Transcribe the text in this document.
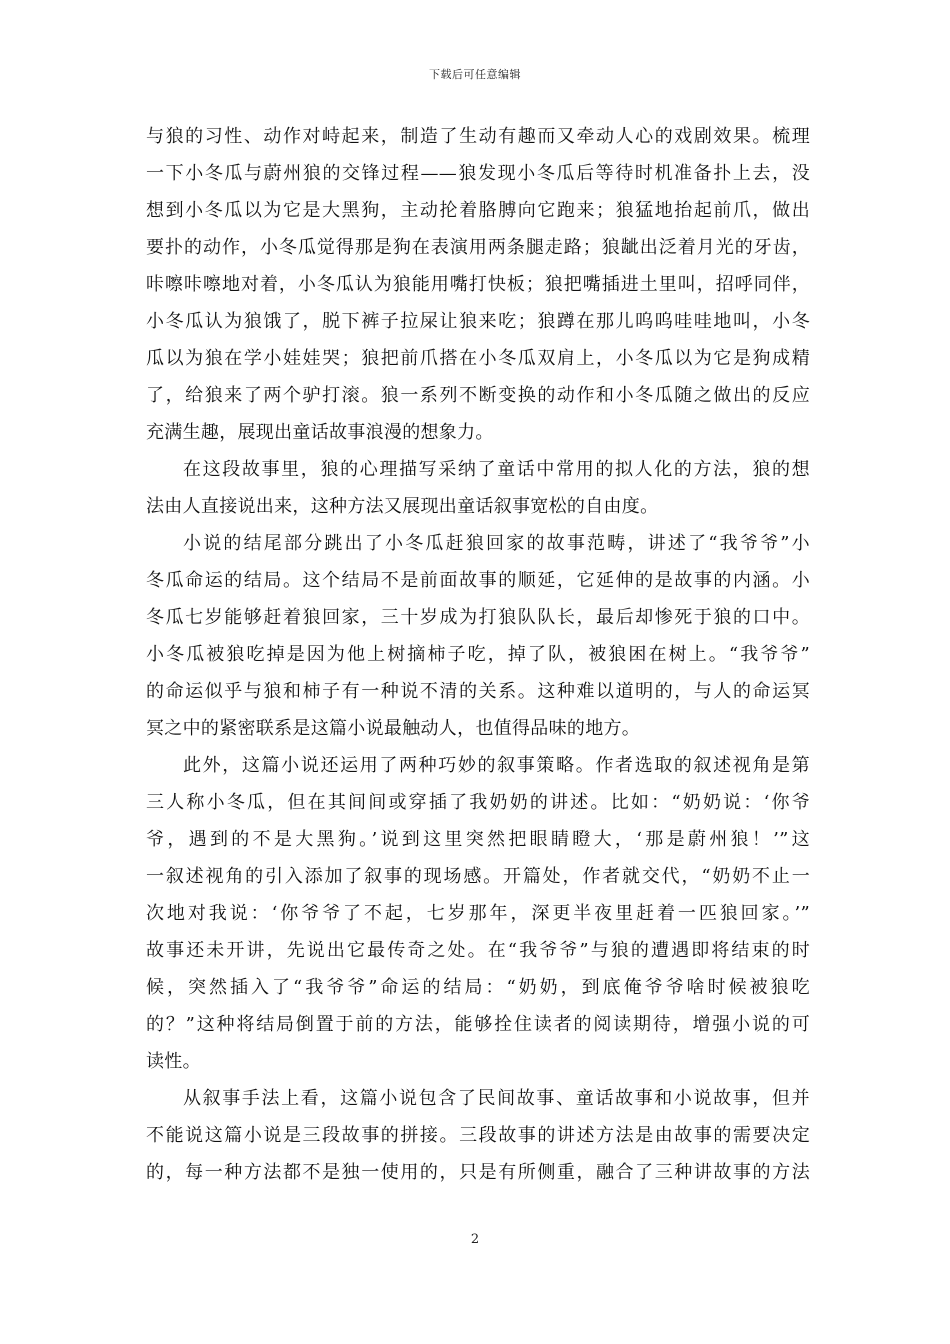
下载后可任意编辑
与狼的习性、动作对峙起来，制造了生动有趣而又牵动人心的戏剧效果。梳理
一下小冬瓜与蔚州狼的交锋过程——狼发现小冬瓜后等待时机准备扑上去，没
想到小冬瓜以为它是大黑狗，主动抡着胳膊向它跑来；狼猛地抬起前爪，做出
要扑的动作，小冬瓜觉得那是狗在表演用两条腿走路；狼龇出泛着月光的牙齿，
咔嚓咔嚓地对着，小冬瓜认为狼能用嘴打快板；狼把嘴插进土里叫，招呼同伴，
小冬瓜认为狼饿了，脱下裤子拉屎让狼来吃；狼蹲在那儿呜呜哇哇地叫，小冬
瓜以为狼在学小娃娃哭；狼把前爪搭在小冬瓜双肩上，小冬瓜以为它是狗成精
了，给狼来了两个驴打滚。狼一系列不断变换的动作和小冬瓜随之做出的反应
充满生趣，展现出童话故事浪漫的想象力。
在这段故事里，狼的心理描写采纳了童话中常用的拟人化的方法，狼的想
法由人直接说出来，这种方法又展现出童话叙事宽松的自由度。
小说的结尾部分跳出了小冬瓜赶狼回家的故事范畴，讲述了“我爷爷”小
冬瓜命运的结局。这个结局不是前面故事的顺延，它延伸的是故事的内涵。小
冬瓜七岁能够赶着狼回家，三十岁成为打狼队队长，最后却惨死于狼的口中。
小冬瓜被狼吃掉是因为他上树摘柿子吃，掉了队，被狼困在树上。“我爷爷”
的命运似乎与狼和柿子有一种说不清的关系。这种难以道明的，与人的命运冥
冥之中的紧密联系是这篇小说最触动人，也值得品味的地方。
此外，这篇小说还运用了两种巧妙的叙事策略。作者选取的叙述视角是第
三人称小冬瓜，但在其间间或穿插了我奶奶的讲述。比如：“奶奶说：‘你爷
爷，遇到的不是大黑狗。’说到这里突然把眼睛瞪大，‘那是蔚州狼！’”这
一叙述视角的引入添加了叙事的现场感。开篇处，作者就交代，“奶奶不止一
次地对我说：‘你爷爷了不起，七岁那年，深更半夜里赶着一匹狼回家。’”
故事还未开讲，先说出它最传奇之处。在“我爷爷”与狼的遭遇即将结束的时
候，突然插入了“我爷爷”命运的结局：“奶奶，到底俺爷爷啥时候被狼吃
的？”这种将结局倒置于前的方法，能够拴住读者的阅读期待，增强小说的可
读性。
从叙事手法上看，这篇小说包含了民间故事、童话故事和小说故事，但并
不能说这篇小说是三段故事的拼接。三段故事的讲述方法是由故事的需要决定
的，每一种方法都不是独一使用的，只是有所侧重，融合了三种讲故事的方法
2
